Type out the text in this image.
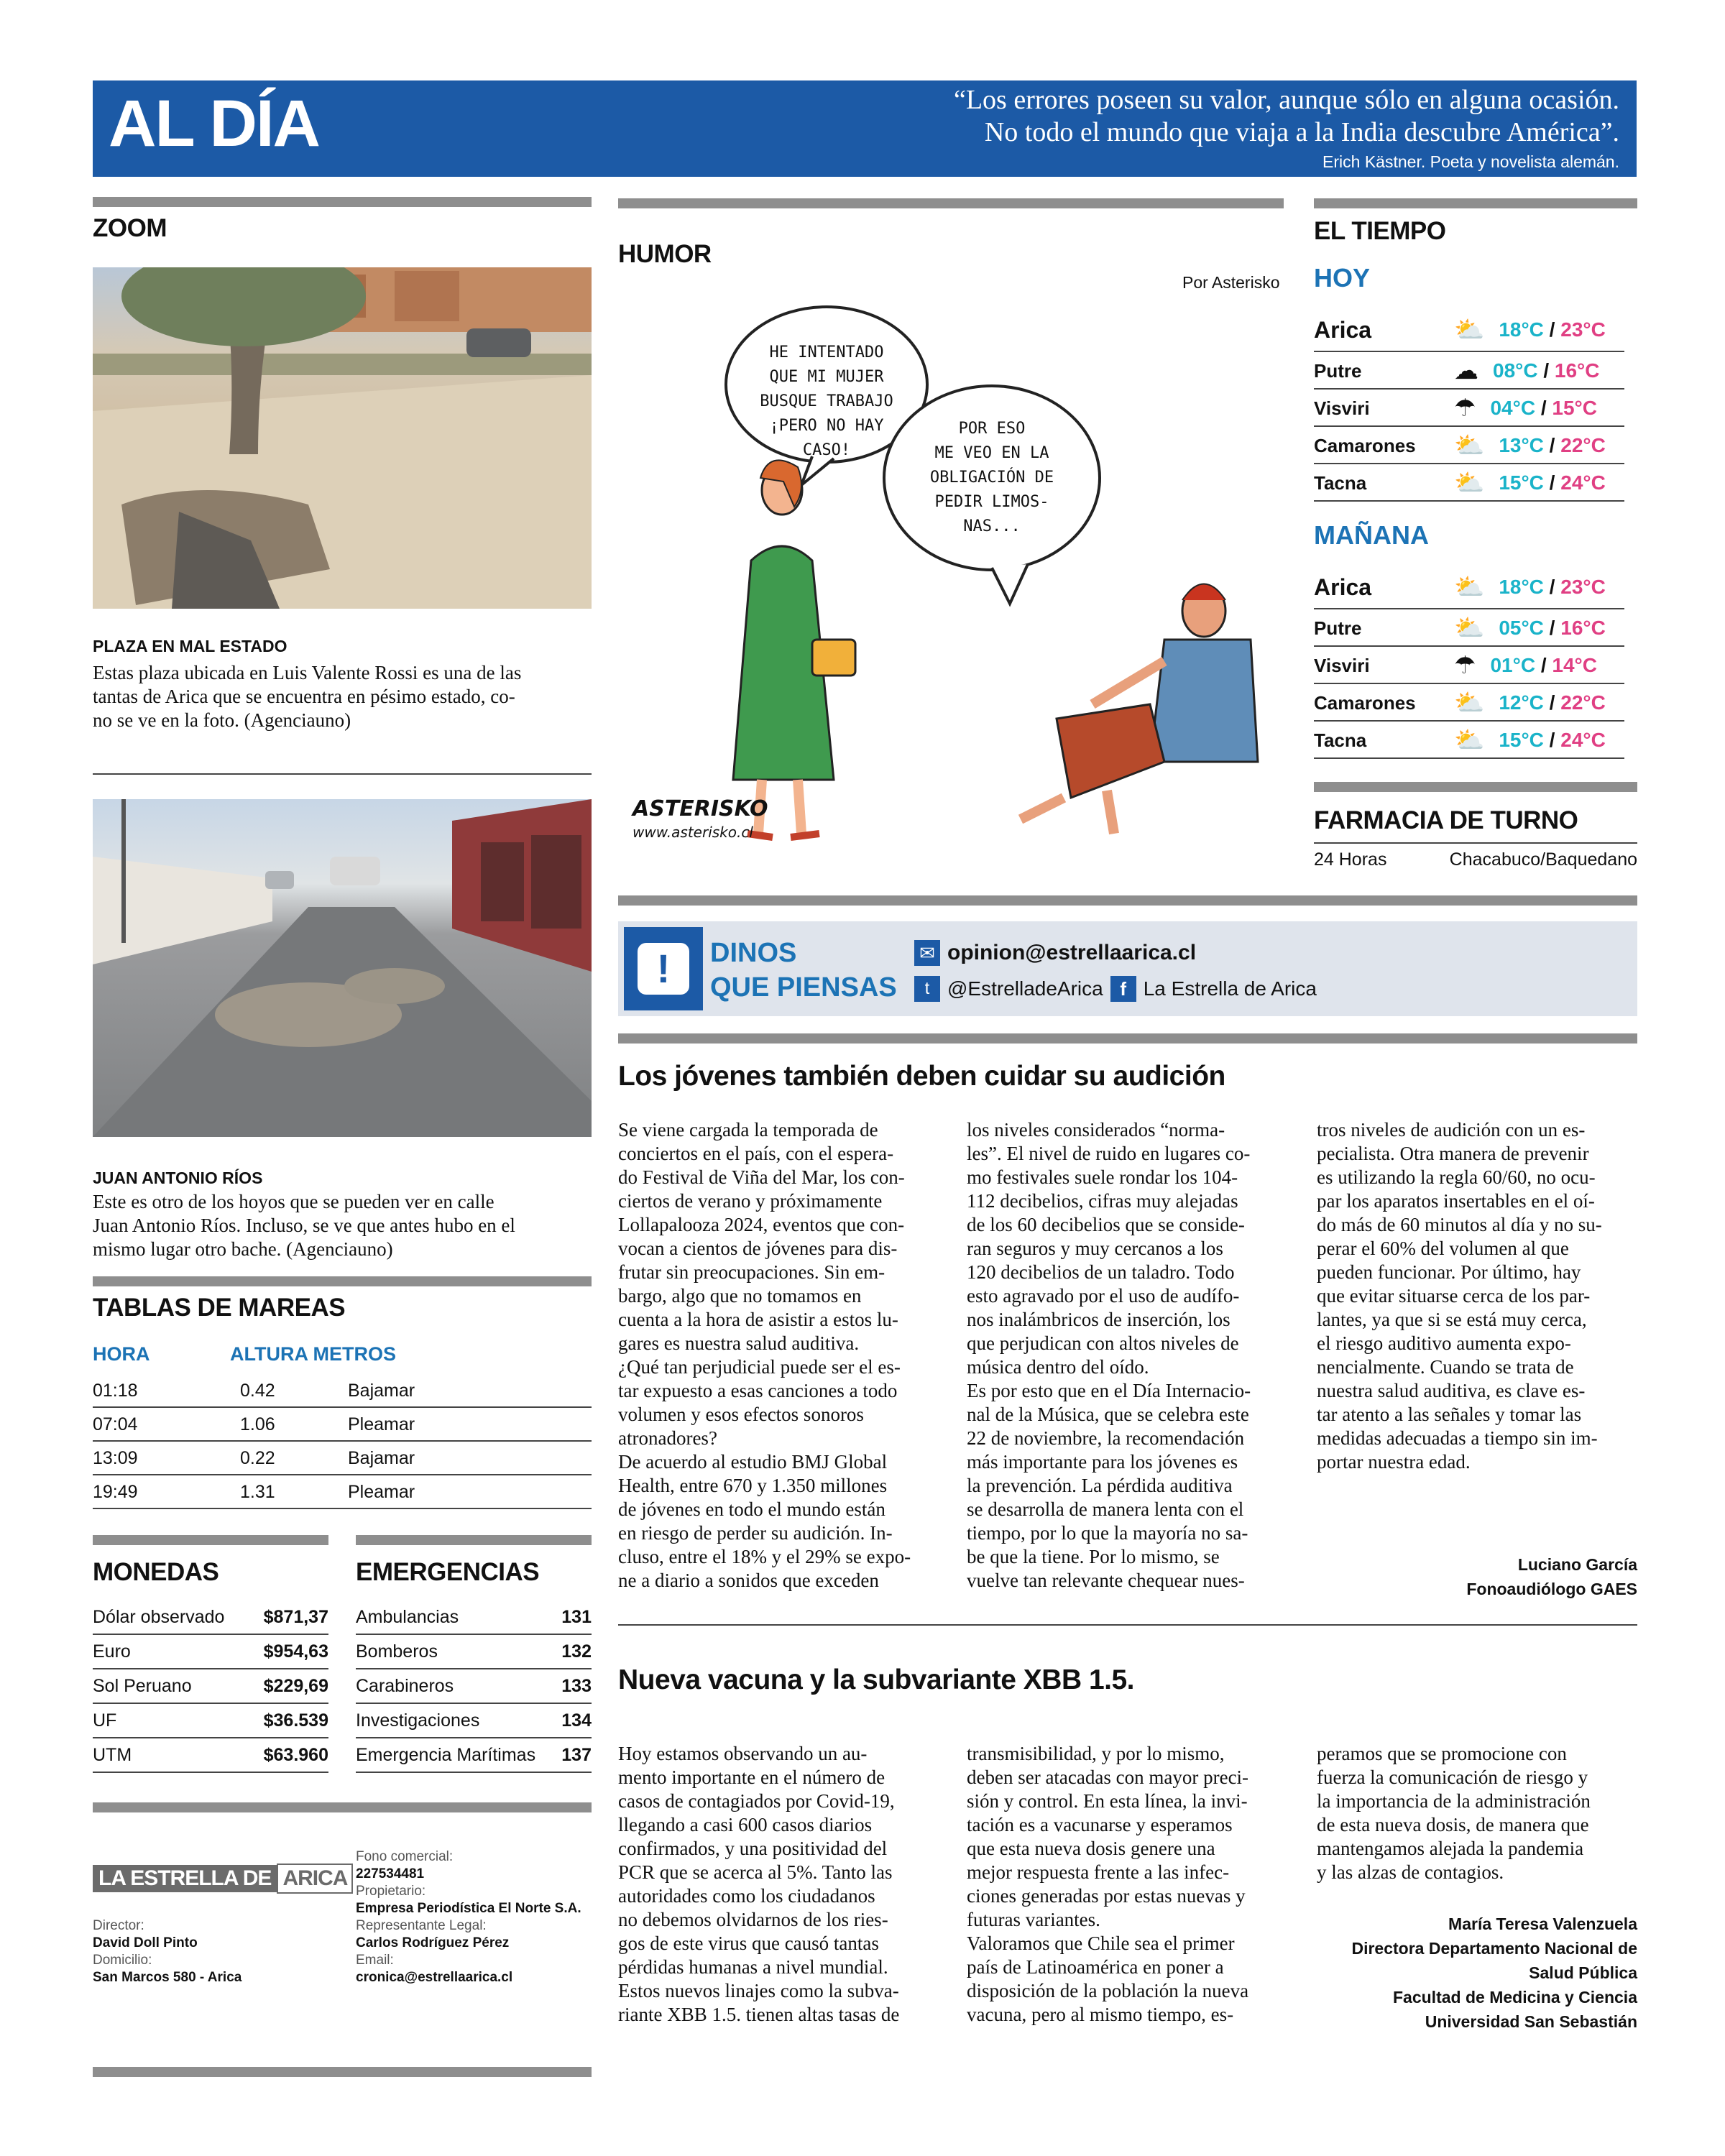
AL DÍA	“Los errores poseen su valor, aunque sólo en alguna ocasión.
No todo el mundo que viaja a la India descubre América”.
Erich Kästner. Poeta y novelista alemán.
ZOOM
PLAZA EN MAL ESTADO
Estas plaza ubicada en Luis Valente Rossi es una de las
tantas de Arica que se encuentra en pésimo estado, co-
no se ve en la foto. (Agenciauno)
JUAN ANTONIO RÍOS
Este es otro de los hoyos que se pueden ver en calle
Juan Antonio Ríos. Incluso, se ve que antes hubo en el
mismo lugar otro bache. (Agenciauno)
TABLAS DE MAREAS
HORA	ALTURA METROS
01:18	0.42	Bajamar
07:04	1.06	Pleamar
13:09	0.22	Bajamar
19:49	1.31	Pleamar
MONEDAS	EMERGENCIAS
Dólar observado $871,37
Euro	$954,63
Sol Peruano	$229,69
UF	$36.539
UTM	$63.960
Ambulancias	131
Bomberos	132
Carabineros	133
Investigaciones	134
Emergencia Marítimas 137
LA ESTRELLA DE ARICA
Director:
David Doll Pinto
Domicilio:
San Marcos 580 - Arica
Fono comercial:
227534481
Propietario:
Empresa Periodística El Norte S.A.
Representante Legal:
Carlos Rodríguez Pérez
Email:
cronica@estrellaarica.cl
HUMOR
Por Asterisko
ASTERISKO
www.asterisko.cl
HE INTENTADO
QUE MI MUJER
BUSQUE TRABAJO
¡PERO NO HAY
CASO!
POR ESO
ME VEO EN LA
OBLIGACIÓN DE
PEDIR LIMOS-
NAS...
EL TIEMPO
HOY
Arica	⛅ 18°C / 23°C
Putre	☁ 08°C / 16°C
Visviri	☂ 04°C / 15°C
Camarones	⛅ 13°C / 22°C
Tacna	⛅ 15°C / 24°C
MAÑANA
Arica	⛅ 18°C / 23°C
Putre	⛅ 05°C / 16°C
Visviri	☂ 01°C / 14°C
Camarones	⛅ 12°C / 22°C
Tacna	⛅ 15°C / 24°C
FARMACIA DE TURNO
24 Horas	Chacabuco/Baquedano
!	DINOS
QUE PIENSAS
✉ opinion@estrellaarica.cl
t @EstrelladeArica f La Estrella de Arica
Los jóvenes también deben cuidar su audición
Se viene cargada la temporada de
conciertos en el país, con el espera-
do Festival de Viña del Mar, los con-
ciertos de verano y próximamente
Lollapalooza 2024, eventos que con-
vocan a cientos de jóvenes para dis-
frutar sin preocupaciones. Sin em-
bargo, algo que no tomamos en
cuenta a la hora de asistir a estos lu-
gares es nuestra salud auditiva.
¿Qué tan perjudicial puede ser el es-
tar expuesto a esas canciones a todo
volumen y esos efectos sonoros
atronadores?
De acuerdo al estudio BMJ Global
Health, entre 670 y 1.350 millones
de jóvenes en todo el mundo están
en riesgo de perder su audición. In-
cluso, entre el 18% y el 29% se expo-
ne a diario a sonidos que exceden
los niveles considerados “norma-
les”. El nivel de ruido en lugares co-
mo festivales suele rondar los 104-
112 decibelios, cifras muy alejadas
de los 60 decibelios que se conside-
ran seguros y muy cercanos a los
120 decibelios de un taladro. Todo
esto agravado por el uso de audífo-
nos inalámbricos de inserción, los
que perjudican con altos niveles de
música dentro del oído.
Es por esto que en el Día Internacio-
nal de la Música, que se celebra este
22 de noviembre, la recomendación
más importante para los jóvenes es
la prevención. La pérdida auditiva
se desarrolla de manera lenta con el
tiempo, por lo que la mayoría no sa-
be que la tiene. Por lo mismo, se
vuelve tan relevante chequear nues-
tros niveles de audición con un es-
pecialista. Otra manera de prevenir
es utilizando la regla 60/60, no ocu-
par los aparatos insertables en el oí-
do más de 60 minutos al día y no su-
perar el 60% del volumen al que
pueden funcionar. Por último, hay
que evitar situarse cerca de los par-
lantes, ya que si se está muy cerca,
el riesgo auditivo aumenta expo-
nencialmente. Cuando se trata de
nuestra salud auditiva, es clave es-
tar atento a las señales y tomar las
medidas adecuadas a tiempo sin im-
portar nuestra edad.
Luciano García
Fonoaudiólogo GAES
Nueva vacuna y la subvariante XBB 1.5.
Hoy estamos observando un au-
mento importante en el número de
casos de contagiados por Covid-19,
llegando a casi 600 casos diarios
confirmados, y una positividad del
PCR que se acerca al 5%. Tanto las
autoridades como los ciudadanos
no debemos olvidarnos de los ries-
gos de este virus que causó tantas
pérdidas humanas a nivel mundial.
Estos nuevos linajes como la subva-
riante XBB 1.5. tienen altas tasas de
transmisibilidad, y por lo mismo,
deben ser atacadas con mayor preci-
sión y control. En esta línea, la invi-
tación es a vacunarse y esperamos
que esta nueva dosis genere una
mejor respuesta frente a las infec-
ciones generadas por estas nuevas y
futuras variantes.
Valoramos que Chile sea el primer
país de Latinoamérica en poner a
disposición de la población la nueva
vacuna, pero al mismo tiempo, es-
peramos que se promocione con
fuerza la comunicación de riesgo y
la importancia de la administración
de esta nueva dosis, de manera que
mantengamos alejada la pandemia
y las alzas de contagios.
María Teresa Valenzuela
Directora Departamento Nacional de
Salud Pública
Facultad de Medicina y Ciencia
Universidad San Sebastián
